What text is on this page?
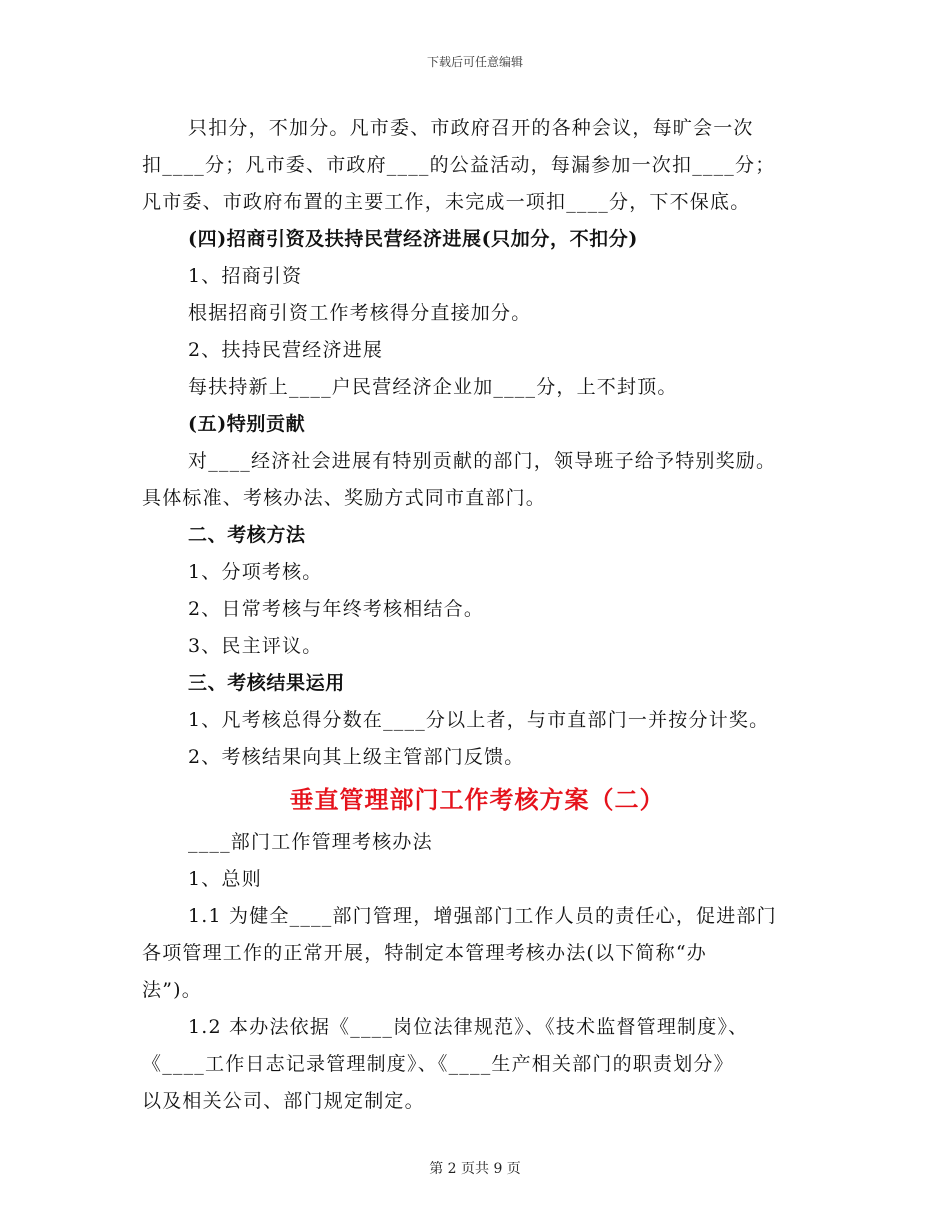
下载后可任意编辑
只扣分，不加分。凡市委、市政府召开的各种会议，每旷会一次
扣____分；凡市委、市政府____的公益活动，每漏参加一次扣____分；
凡市委、市政府布置的主要工作，未完成一项扣____分，下不保底。
(四)招商引资及扶持民营经济进展(只加分，不扣分)
1、招商引资
根据招商引资工作考核得分直接加分。
2、扶持民营经济进展
每扶持新上____户民营经济企业加____分，上不封顶。
(五)特别贡献
对____经济社会进展有特别贡献的部门，领导班子给予特别奖励。
具体标准、考核办法、奖励方式同市直部门。
二、考核方法
1、分项考核。
2、日常考核与年终考核相结合。
3、民主评议。
三、考核结果运用
1、凡考核总得分数在____分以上者，与市直部门一并按分计奖。
2、考核结果向其上级主管部门反馈。
垂直管理部门工作考核方案（二）
____部门工作管理考核办法
1、总则
1.1 为健全____部门管理，增强部门工作人员的责任心，促进部门
各项管理工作的正常开展，特制定本管理考核办法(以下简称“办
法”)。
1.2 本办法依据《____岗位法律规范》、《技术监督管理制度》、
《____工作日志记录管理制度》、《____生产相关部门的职责划分》
以及相关公司、部门规定制定。
第 2 页共 9 页
